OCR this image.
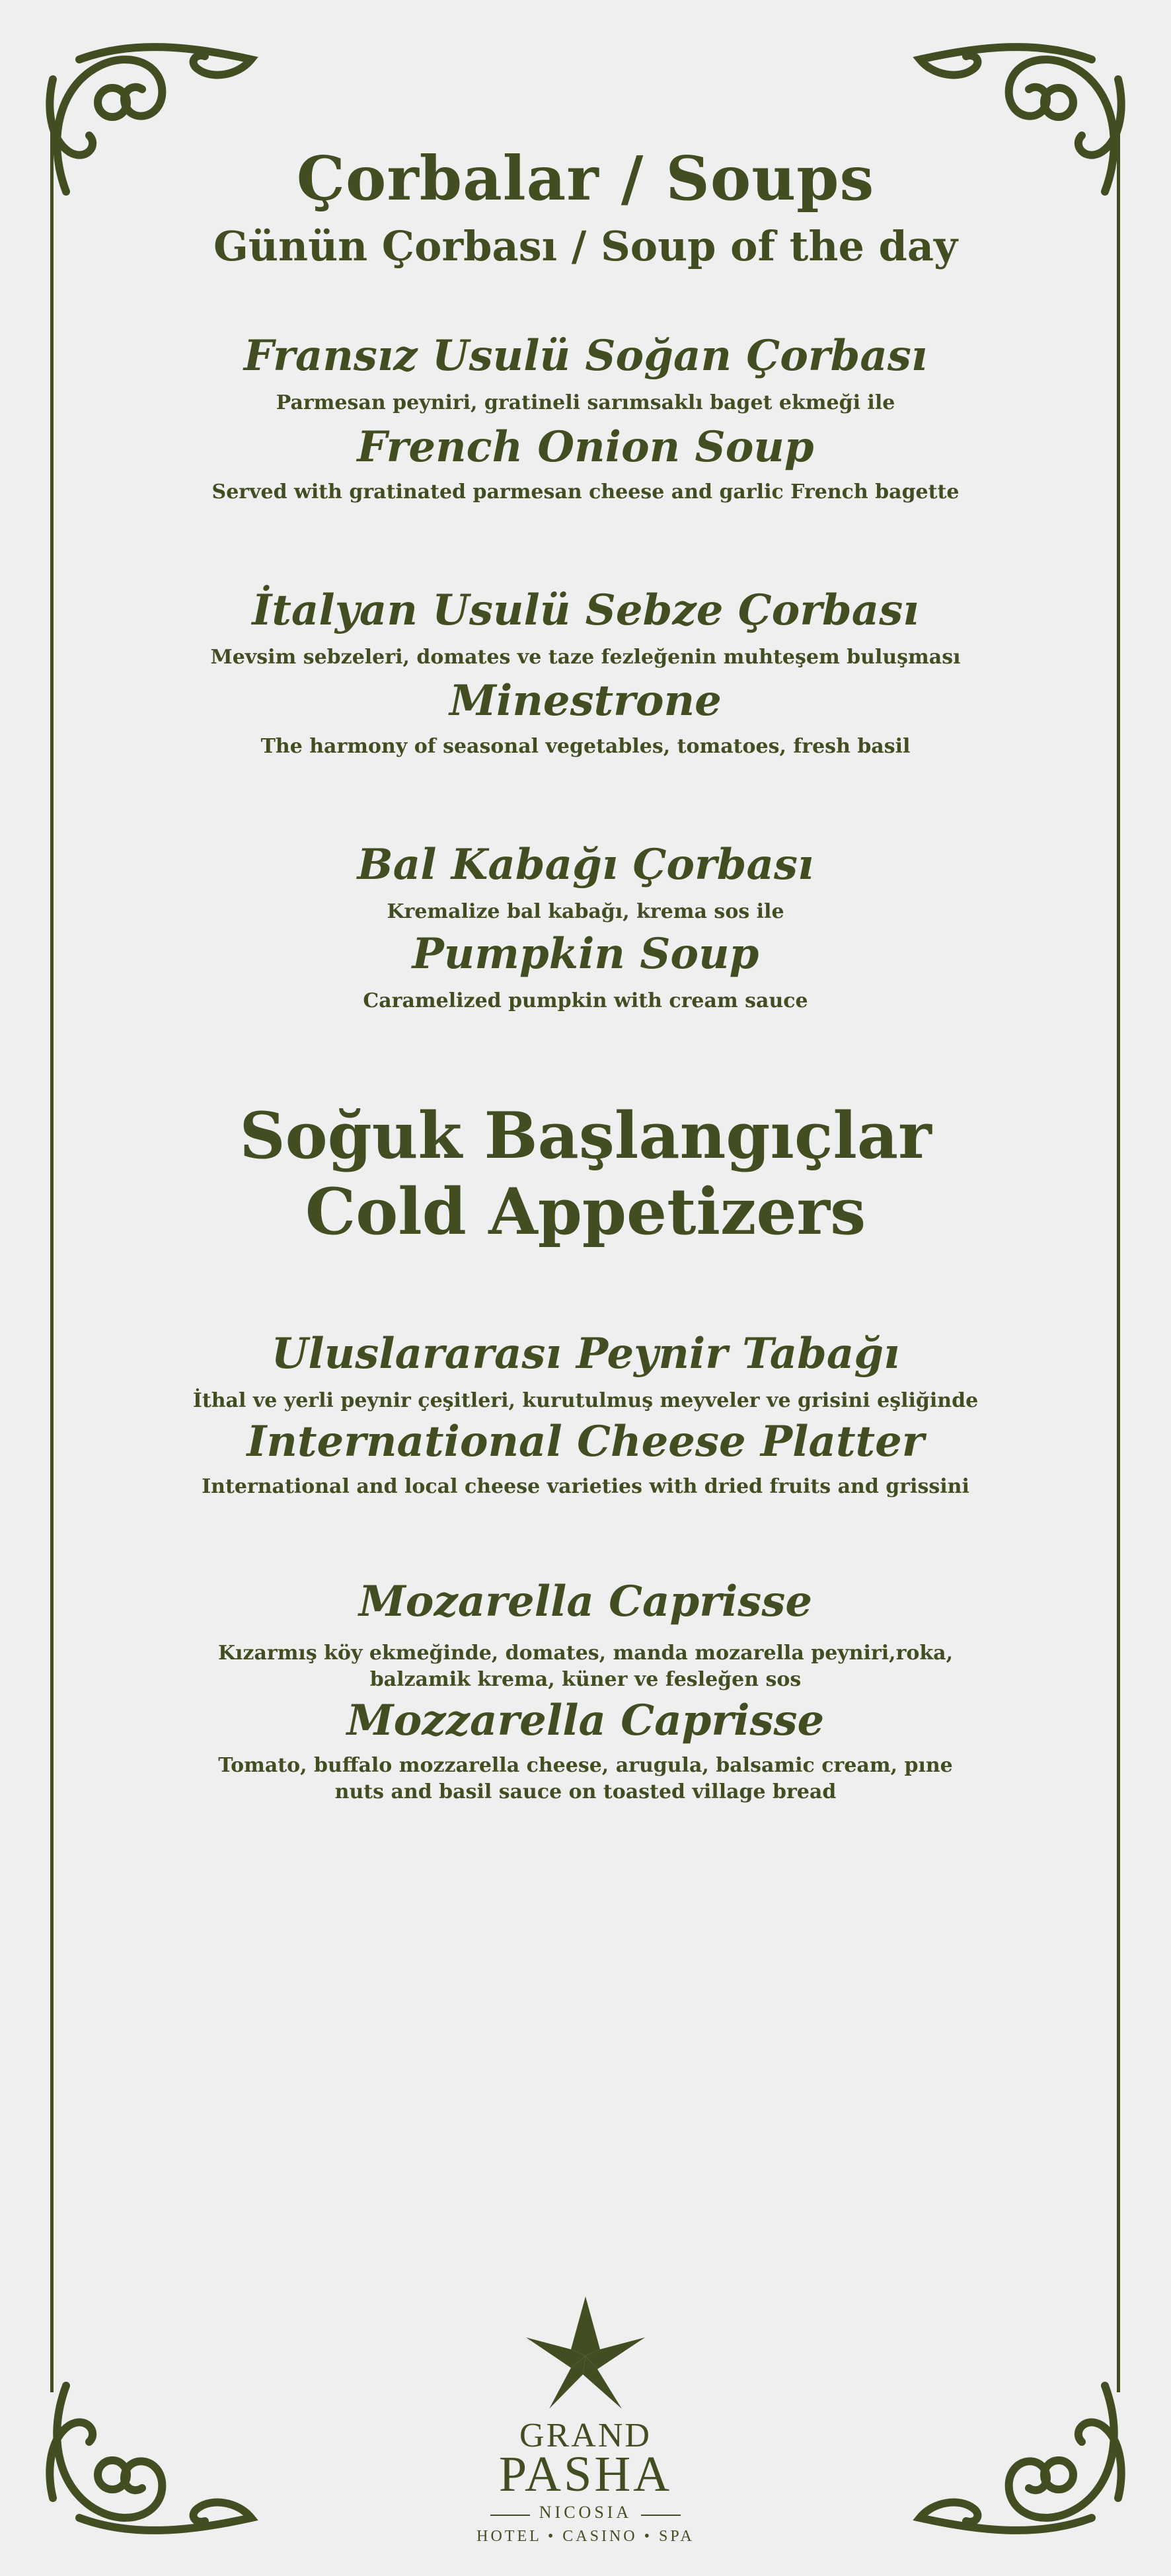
Çorbalar / Soups
Günün Çorbası / Soup of the day
Fransız Usulü Soğan Çorbası
Parmesan peyniri, gratineli sarımsaklı baget ekmeği ile
French Onion Soup
Served with gratinated parmesan cheese and garlic French bagette
İtalyan Usulü Sebze Çorbası
Mevsim sebzeleri, domates ve taze fezleğenin muhteşem buluşması
Minestrone
The harmony of seasonal vegetables, tomatoes, fresh basil
Bal Kabağı Çorbası
Kremalize bal kabağı, krema sos ile
Pumpkin Soup
Caramelized pumpkin with cream sauce
Soğuk Başlangıçlar
Cold Appetizers
Uluslararası Peynir Tabağı
İthal ve yerli peynir çeşitleri, kurutulmuş meyveler ve grisini eşliğinde
International Cheese Platter
International and local cheese varieties with dried fruits and grissini
Mozarella Caprisse
Kızarmış köy ekmeğinde, domates, manda mozarella peyniri,roka,
balzamik krema, küner ve fesleğen sos
Mozzarella Caprisse
Tomato, buffalo mozzarella cheese, arugula, balsamic cream, pıne
nuts and basil sauce on toasted village bread
GRAND
PASHA
NICOSIA
HOTEL • CASINO • SPA
